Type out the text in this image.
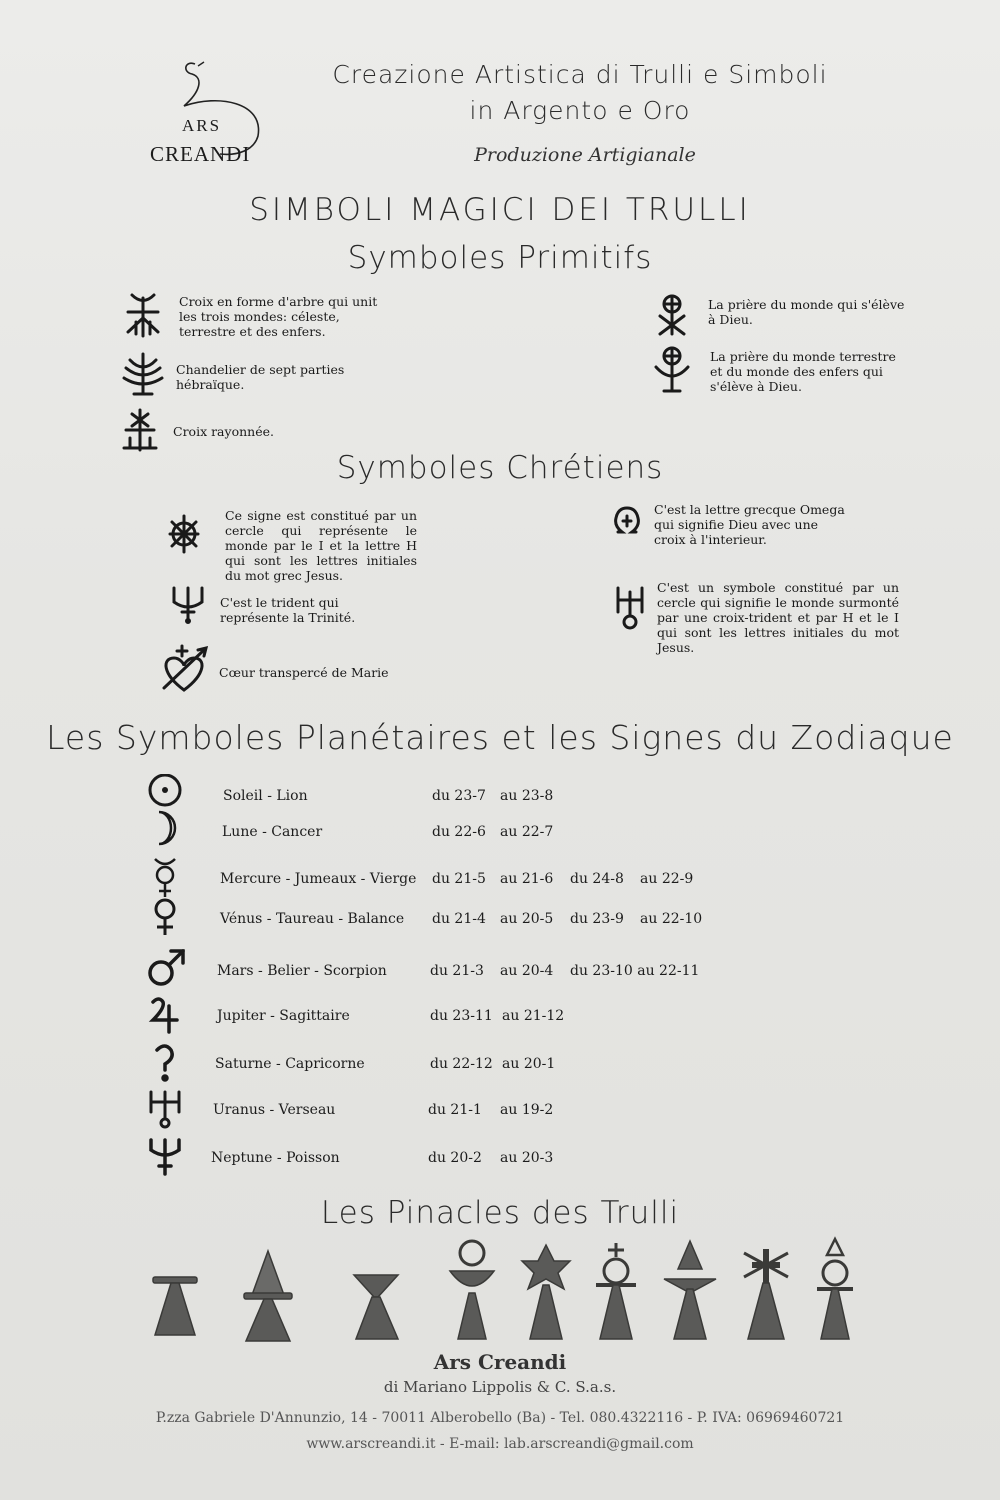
ARS
CREANDI
Creazione Artistica di Trulli e Simboli
in Argento e Oro
Produzione Artigianale
SIMBOLI MAGICI DEI TRULLI
Symboles Primitifs
Croix en forme d'arbre qui unit les trois mondes: céleste, terrestre et des enfers.
Chandelier de sept parties hébraïque.
Croix rayonnée.
La prière du monde qui s'élève à Dieu.
La prière du monde terrestre et du monde des enfers qui s'élève à Dieu.
Symboles Chrétiens
Ce signe est constitué par un cercle qui représente le monde par le I et la lettre H qui sont les lettres initiales du mot grec Jesus.
C'est le trident qui représente la Trinité.
Cœur transpercé de Marie
C'est la lettre grecque Omega qui signifie Dieu avec une croix à l'interieur.
C'est un symbole constitué par un cercle qui signifie le monde surmonté par une croix-trident et par H et le I qui sont les lettres initiales du mot Jesus.
Les Symboles Planétaires et les Signes du Zodiaque
Soleil - Lion	du 23-7 au 23-8
Lune - Cancer	du 22-6 au 22-7
Mercure - Jumeaux - Vierge du 21-5 au 21-6 du 24-8 au 22-9
Vénus - Taureau - Balance du 21-4 au 20-5 du 23-9 au 22-10
Mars - Belier - Scorpion	du 21-3 au 20-4 du 23-10 au 22-11
Jupiter - Sagittaire	du 23-11 au 21-12
Saturne - Capricorne	du 22-12 au 20-1
Uranus - Verseau	du 21-1 au 19-2
Neptune - Poisson	du 20-2 au 20-3
Les Pinacles des Trulli
Ars Creandi
di Mariano Lippolis & C. S.a.s.
P.zza Gabriele D'Annunzio, 14 - 70011 Alberobello (Ba) - Tel. 080.4322116 - P. IVA: 06969460721
www.arscreandi.it - E-mail: lab.arscreandi@gmail.com
